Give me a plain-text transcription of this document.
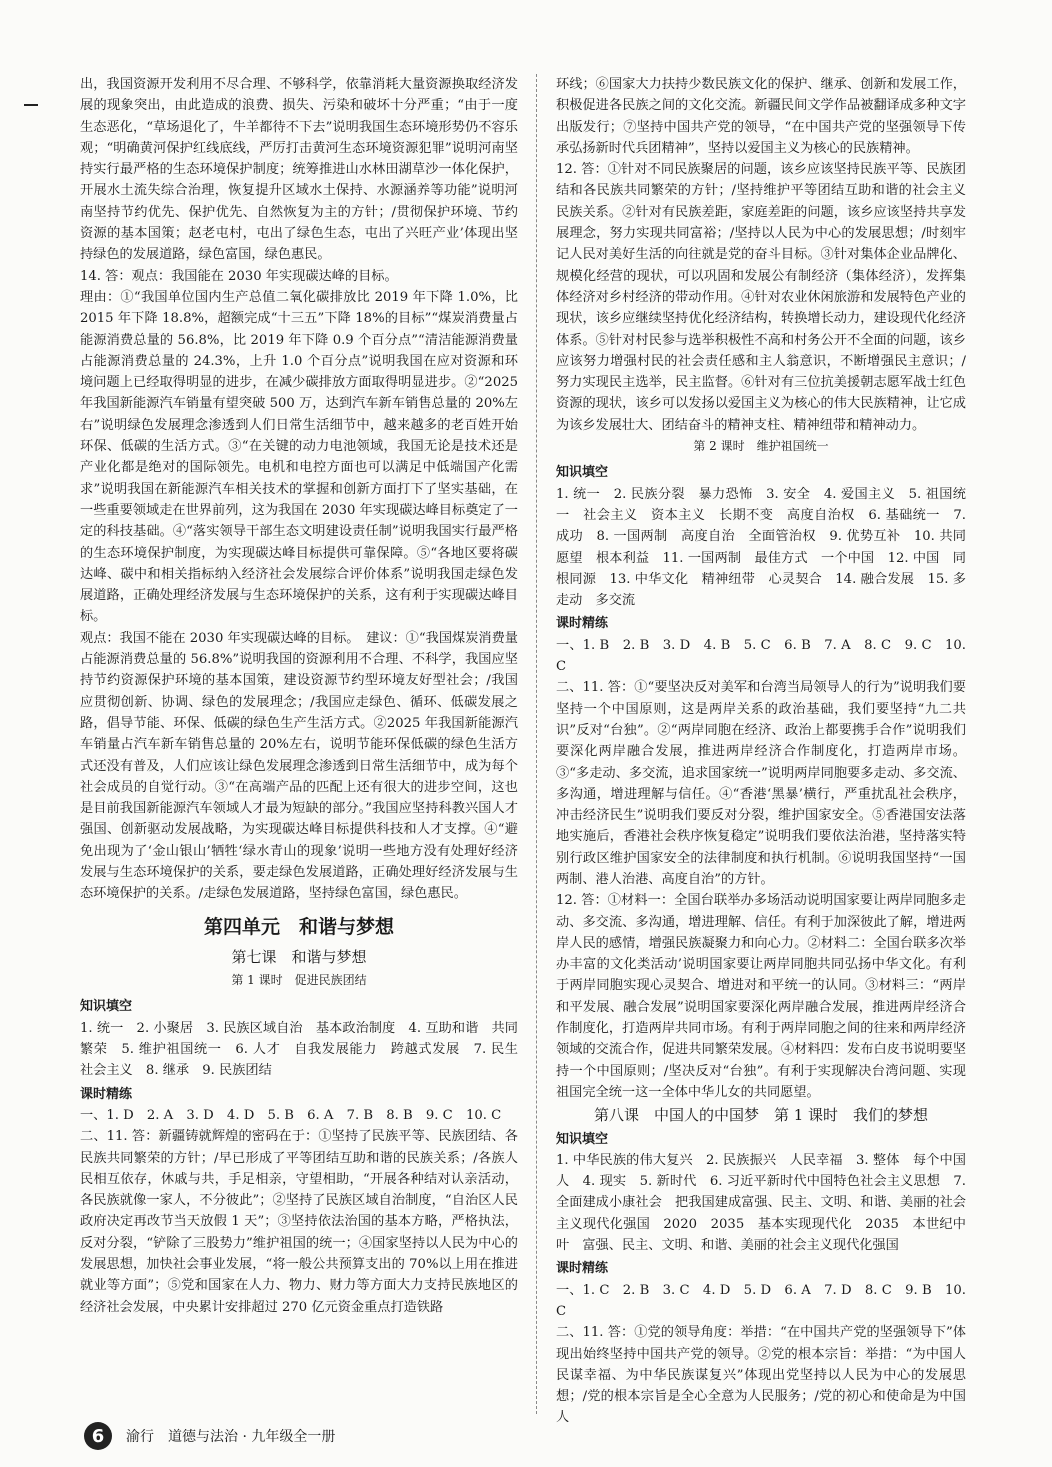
出，我国资源开发利用不尽合理、不够科学，依靠消耗大量资源换取经济发展的现象突出，由此造成的浪费、损失、污染和破坏十分严重；“由于一度生态恶化，“草场退化了，牛羊都待不下去”说明我国生态环境形势仍不容乐观；“明确黄河保护红线底线，严厉打击黄河生态环境资源犯罪”说明河南坚持实行最严格的生态环境保护制度；统筹推进山水林田湖草沙一体化保护，开展水土流失综合治理，恢复提升区域水土保持、水源涵养等功能”说明河南坚持节约优先、保护优先、自然恢复为主的方针；/贯彻保护环境、节约资源的基本国策；赵老屯村，屯出了绿色生态，屯出了兴旺产业’体现出坚持绿色的发展道路，绿色富国，绿色惠民。

14. 答：观点：我国能在 2030 年实现碳达峰的目标。

理由：①“我国单位国内生产总值二氧化碳排放比 2019 年下降 1.0%，比 2015 年下降 18.8%，超额完成“十三五”下降 18%的目标”“煤炭消费量占能源消费总量的 56.8%，比 2019 年下降 0.9 个百分点”“清洁能源消费量占能源消费总量的 24.3%，上升 1.0 个百分点”说明我国在应对资源和环境问题上已经取得明显的进步，在减少碳排放方面取得明显进步。②“2025 年我国新能源汽车销量有望突破 500 万，达到汽车新车销售总量的 20%左右”说明绿色发展理念渗透到人们日常生活细节中，越来越多的老百姓开始环保、低碳的生活方式。③“在关键的动力电池领域，我国无论是技术还是产业化都是绝对的国际领先。电机和电控方面也可以满足中低端国产化需求”说明我国在新能源汽车相关技术的掌握和创新方面打下了坚实基础，在一些重要领域走在世界前列，这为我国在 2030 年实现碳达峰目标奠定了一定的科技基础。④“落实领导干部生态文明建设责任制”说明我国实行最严格的生态环境保护制度，为实现碳达峰目标提供可靠保障。⑤“各地区要将碳达峰、碳中和相关指标纳入经济社会发展综合评价体系”说明我国走绿色发展道路，正确处理经济发展与生态环境保护的关系，这有利于实现碳达峰目标。

观点：我国不能在 2030 年实现碳达峰的目标。　建议：①“我国煤炭消费量占能源消费总量的 56.8%”说明我国的资源利用不合理、不科学，我国应坚持节约资源保护环境的基本国策，建设资源节约型环境友好型社会；/我国应贯彻创新、协调、绿色的发展理念；/我国应走绿色、循环、低碳发展之路，倡导节能、环保、低碳的绿色生产生活方式。②2025 年我国新能源汽车销量占汽车新车销售总量的 20%左右，说明节能环保低碳的绿色生活方式还没有普及，人们应该让绿色发展理念渗透到日常生活细节中，成为每个社会成员的自觉行动。③“在高端产品的匹配上还有很大的进步空间，这也是目前我国新能源汽车领域人才最为短缺的部分。”我国应坚持科教兴国人才强国、创新驱动发展战略，为实现碳达峰目标提供科技和人才支撑。④“避免出现为了‘金山银山’牺牲‘绿水青山的现象’说明一些地方没有处理好经济发展与生态环境保护的关系，要走绿色发展道路，正确处理好经济发展与生态环境保护的关系。/走绿色发展道路，坚持绿色富国，绿色惠民。

第四单元　和谐与梦想
第七课　和谐与梦想
第 1 课时　促进民族团结
知识填空

1. 统一　2. 小聚居　3. 民族区域自治　基本政治制度　4. 互助和谐　共同繁荣　5. 维护祖国统一　6. 人才　自我发展能力　跨越式发展　7. 民生　社会主义　8. 继承　9. 民族团结

课时精练

一、1. D　2. A　3. D　4. D　5. B　6. A　7. B　8. B　9. C　10. C

二、11. 答：新疆铸就辉煌的密码在于：①坚持了民族平等、民族团结、各民族共同繁荣的方针；/早已形成了平等团结互助和谐的民族关系；/各族人民相互依存，休戚与共，手足相亲，守望相助，“开展各种结对认亲活动，各民族就像一家人，不分彼此”；②坚持了民族区域自治制度，“自治区人民政府决定再改节当天放假 1 天”；③坚持依法治国的基本方略，严格执法，反对分裂，“铲除了三股势力”维护祖国的统一；④国家坚持以人民为中心的发展思想，加快社会事业发展，“将一般公共预算支出的 70%以上用在推进就业等方面”；⑤党和国家在人力、物力、财力等方面大力支持民族地区的经济社会发展，中央累计安排超过 270 亿元资金重点打造铁路

环线；⑥国家大力扶持少数民族文化的保护、继承、创新和发展工作，积极促进各民族之间的文化交流。新疆民间文学作品被翻译成多种文字出版发行；⑦坚持中国共产党的领导，“在中国共产党的坚强领导下传承弘扬新时代兵团精神”，坚持以爱国主义为核心的民族精神。

12. 答：①针对不同民族聚居的问题，该乡应该坚持民族平等、民族团结和各民族共同繁荣的方针；/坚持维护平等团结互助和谐的社会主义民族关系。②针对有民族差距，家庭差距的问题，该乡应该坚持共享发展理念，努力实现共同富裕；/坚持以人民为中心的发展思想；/时刻牢记人民对美好生活的向往就是党的奋斗目标。③针对集体企业品牌化、规模化经营的现状，可以巩固和发展公有制经济（集体经济），发挥集体经济对乡村经济的带动作用。④针对农业休闲旅游和发展特色产业的现状，该乡应继续坚持优化经济结构，转换增长动力，建设现代化经济体系。⑤针对村民参与选举积极性不高和村务公开不全面的问题，该乡应该努力增强村民的社会责任感和主人翁意识，不断增强民主意识；/努力实现民主选举，民主监督。⑥针对有三位抗美援朝志愿军战士红色资源的现状，该乡可以发扬以爱国主义为核心的伟大民族精神，让它成为该乡发展壮大、团结奋斗的精神支柱、精神纽带和精神动力。

第 2 课时　维护祖国统一
知识填空

1. 统一　2. 民族分裂　暴力恐怖　3. 安全　4. 爱国主义　5. 祖国统一　社会主义　资本主义　长期不变　高度自治权　6. 基础统一　7. 成功　8. 一国两制　高度自治　全面管治权　9. 优势互补　10. 共同愿望　根本利益　11. 一国两制　最佳方式　一个中国　12. 中国　同根同源　13. 中华文化　精神纽带　心灵契合　14. 融合发展　15. 多走动　多交流

课时精练

一、1. B　2. B　3. D　4. B　5. C　6. B　7. A　8. C　9. C　10. C

二、11. 答：①“要坚决反对美军和台湾当局领导人的行为”说明我们要坚持一个中国原则，这是两岸关系的政治基础，我们要坚持“九二共识”反对“台独”。②“两岸同胞在经济、政治上都要携手合作”说明我们要深化两岸融合发展，推进两岸经济合作制度化，打造两岸市场。③“多走动、多交流，追求国家统一”说明两岸同胞要多走动、多交流、多沟通，增进理解与信任。④“香港‘黑暴’横行，严重扰乱社会秩序，冲击经济民生”说明我们要反对分裂，维护国家安全。⑤香港国安法落地实施后，香港社会秩序恢复稳定”说明我们要依法治港，坚持落实特别行政区维护国家安全的法律制度和执行机制。⑥说明我国坚持“一国两制、港人治港、高度自治”的方针。

12. 答：①材料一：全国台联举办多场活动说明国家要让两岸同胞多走动、多交流、多沟通，增进理解、信任。有利于加深彼此了解，增进两岸人民的感情，增强民族凝聚力和向心力。②材料二：全国台联多次举办丰富的文化类活动’说明国家要让两岸同胞共同弘扬中华文化。有利于两岸同胞实现心灵契合、增进对和平统一的认同。③材料三：“两岸和平发展、融合发展”说明国家要深化两岸融合发展，推进两岸经济合作制度化，打造两岸共同市场。有利于两岸同胞之间的往来和两岸经济领域的交流合作，促进共同繁荣发展。④材料四：发布白皮书说明要坚持一个中国原则；/坚决反对“台独”。有利于实现解决台湾问题、实现祖国完全统一这一全体中华儿女的共同愿望。

第八课　中国人的中国梦　 第 1 课时　我们的梦想
知识填空

1. 中华民族的伟大复兴　2. 民族振兴　人民幸福　3. 整体　每个中国人　4. 现实　5. 新时代　6. 习近平新时代中国特色社会主义思想　7. 全面建成小康社会　把我国建成富强、民主、文明、和谐、美丽的社会主义现代化强国　2020　2035　基本实现现代化　2035　本世纪中叶　富强、民主、文明、和谐、美丽的社会主义现代化强国

课时精练

一、1. C　2. B　3. C　4. D　5. D　6. A　7. D　8. C　9. B　10. C

二、11. 答：①党的领导角度：举措：“在中国共产党的坚强领导下”体现出始终坚持中国共产党的领导。②党的根本宗旨：举措：“为中国人民谋幸福、为中华民族谋复兴”体现出党坚持以人民为中心的发展思想；/党的根本宗旨是全心全意为人民服务；/党的初心和使命是为中国人

6	渝行　道德与法治 · 九年级全一册
